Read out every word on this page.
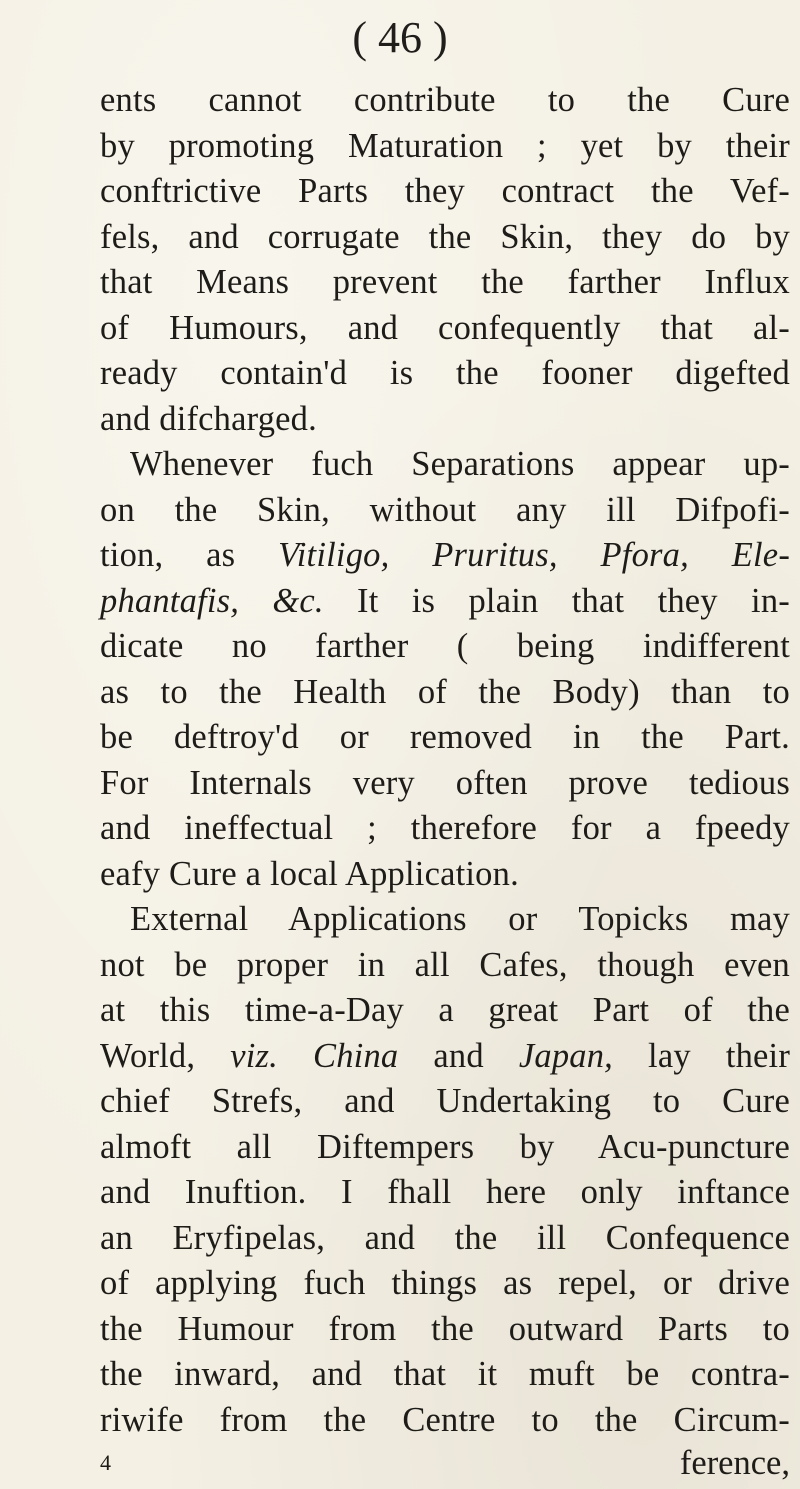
( 46 )
ents cannot contribute to the Cure
by promoting Maturation ; yet by their
conftrictive Parts they contract the Vef-
fels, and corrugate the Skin, they do by
that Means prevent the farther Influx
of Humours, and confequently that al-
ready contain'd is the fooner digefted
and difcharged.
Whenever fuch Separations appear up-
on the Skin, without any ill Difpofi-
tion, as Vitiligo, Pruritus, Pfora, Ele-
phantafis, &c. It is plain that they in-
dicate no farther ( being indifferent
as to the Health of the Body) than to
be deftroy'd or removed in the Part.
For Internals very often prove tedious
and ineffectual ; therefore for a fpeedy
eafy Cure a local Application.
External Applications or Topicks may
not be proper in all Cafes, though even
at this time-a-Day a great Part of the
World, viz. China and Japan, lay their
chief Strefs, and Undertaking to Cure
almoft all Diftempers by Acu-puncture
and Inuftion. I fhall here only inftance
an Eryfipelas, and the ill Confequence
of applying fuch things as repel, or drive
the Humour from the outward Parts to
the inward, and that it muft be contra-
riwife from the Centre to the Circum-
4	ference,
